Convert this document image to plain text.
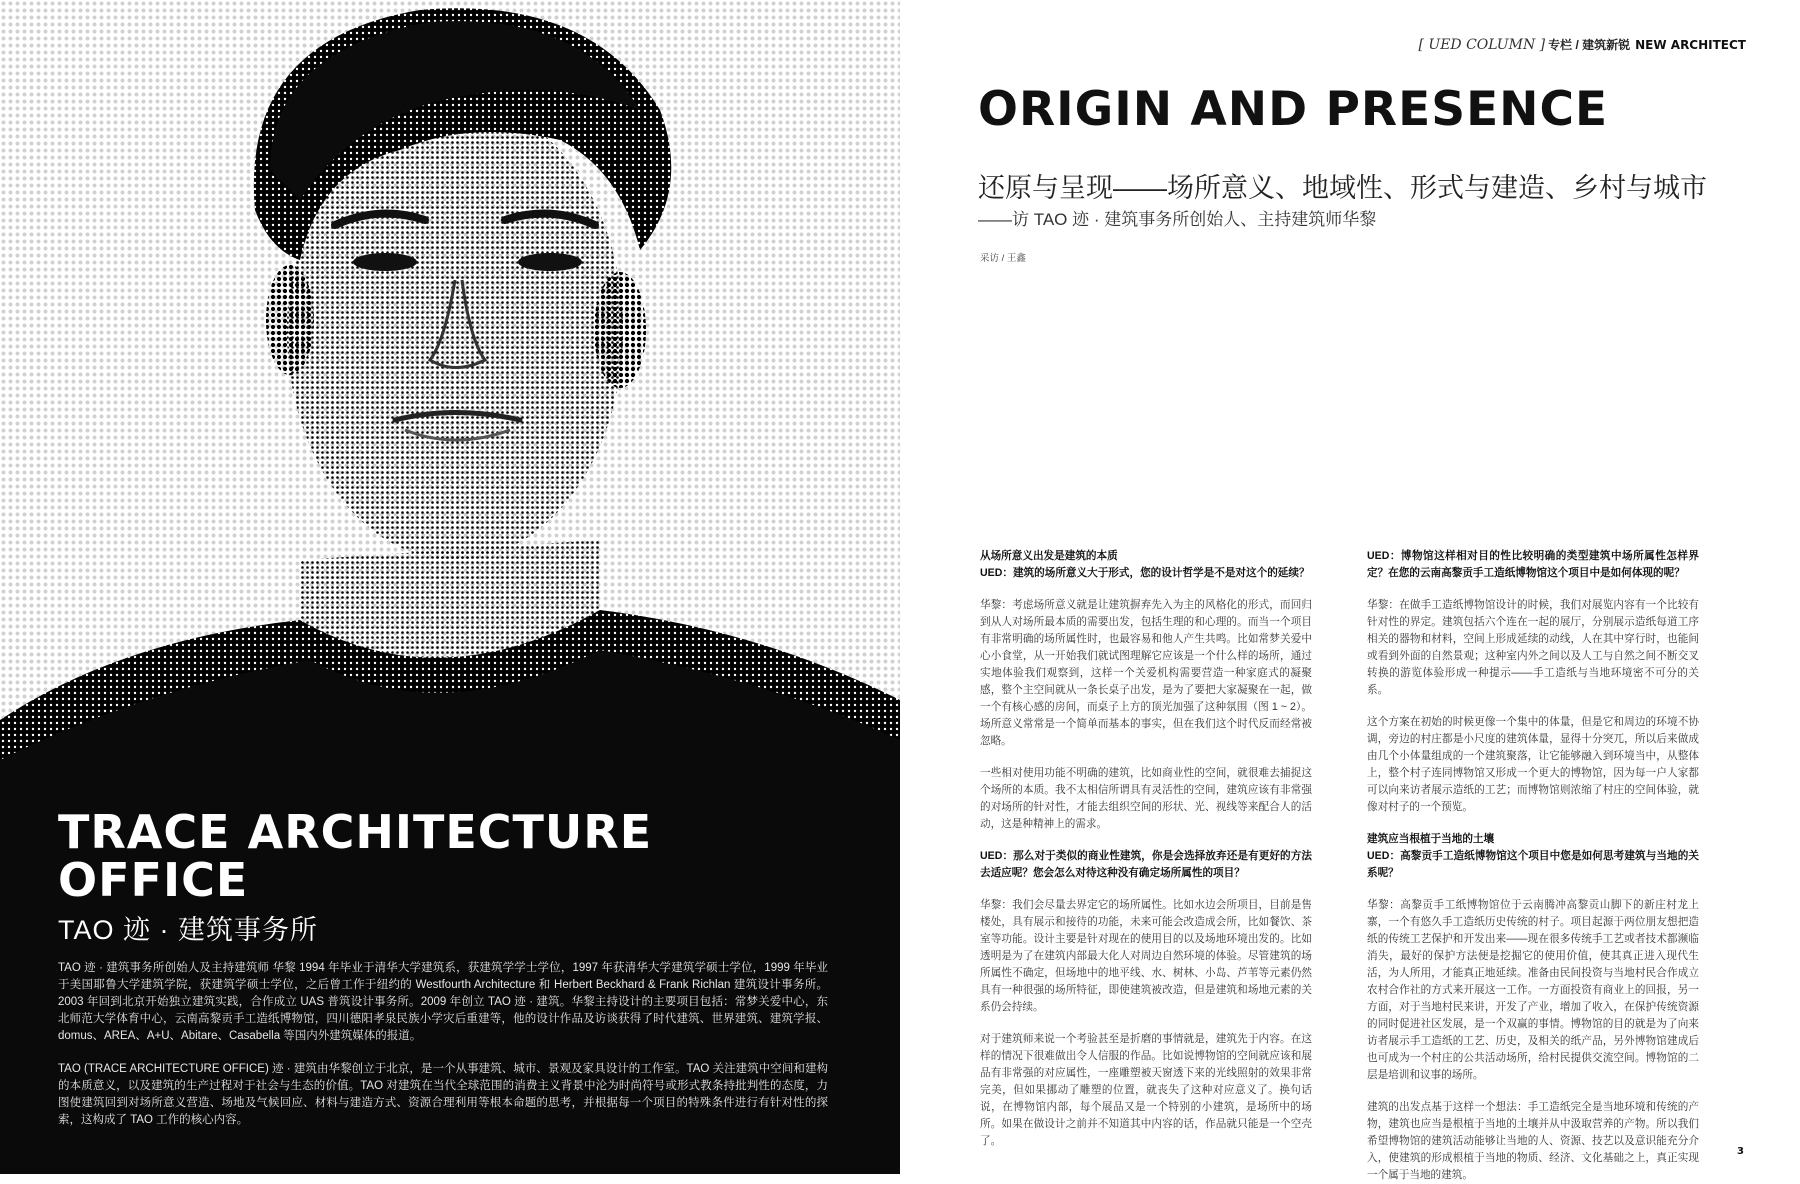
TRACE ARCHITECTURE
OFFICE
TAO 迹 · 建筑事务所

TAO 迹 · 建筑事务所创始人及主持建筑师 华黎 1994 年毕业于清华大学建筑系，获建筑学学士学位，1997 年获清华大学建筑学硕士学位，1999 年毕业于美国耶鲁大学建筑学院，获建筑学硕士学位，之后曾工作于纽约的 Westfourth Architecture 和 Herbert Beckhard & Frank Richlan 建筑设计事务所。2003 年回到北京开始独立建筑实践，合作成立 UAS 普筑设计事务所。2009 年创立 TAO 迹 · 建筑。华黎主持设计的主要项目包括：常梦关爱中心，东北师范大学体育中心，云南高黎贡手工造纸博物馆，四川德阳孝泉民族小学灾后重建等，他的设计作品及访谈获得了时代建筑、世界建筑、建筑学报、domus、AREA、A+U、Abitare、Casabella 等国内外建筑媒体的报道。

TAO (TRACE ARCHITECTURE OFFICE) 迹 · 建筑由华黎创立于北京，是一个从事建筑、城市、景观及家具设计的工作室。TAO 关注建筑中空间和建构的本质意义，以及建筑的生产过程对于社会与生态的价值。TAO 对建筑在当代全球范围的消费主义背景中沦为时尚符号或形式教条持批判性的态度，力图使建筑回到对场所意义营造、场地及气候回应、材料与建造方式、资源合理利用等根本命题的思考，并根据每一个项目的特殊条件进行有针对性的探索，这构成了 TAO 工作的核心内容。

[ UED COLUMN ] 专栏 / 建筑新锐 NEW ARCHITECT
ORIGIN AND PRESENCE
还原与呈现——场所意义、地域性、形式与建造、乡村与城市
——访 TAO 迹 · 建筑事务所创始人、主持建筑师华黎
采访 / 王鑫
从场所意义出发是建筑的本质
UED：建筑的场所意义大于形式，您的设计哲学是不是对这个的延续？

华黎：考虑场所意义就是让建筑摒弃先入为主的风格化的形式，而回归到从人对场所最本质的需要出发，包括生理的和心理的。而当一个项目有非常明确的场所属性时，也最容易和他人产生共鸣。比如常梦关爱中心小食堂，从一开始我们就试图理解它应该是一个什么样的场所，通过实地体验我们观察到，这样一个关爱机构需要营造一种家庭式的凝聚感，整个主空间就从一条长桌子出发，是为了要把大家凝聚在一起，做一个有核心感的房间，而桌子上方的顶光加强了这种氛围（图 1 ~ 2）。场所意义常常是一个简单而基本的事实，但在我们这个时代反而经常被忽略。

一些相对使用功能不明确的建筑，比如商业性的空间，就很难去捕捉这个场所的本质。我不太相信所谓具有灵活性的空间，建筑应该有非常强的对场所的针对性，才能去组织空间的形状、光、视线等来配合人的活动，这是种精神上的需求。

UED：那么对于类似的商业性建筑，你是会选择放弃还是有更好的方法去适应呢？您会怎么对待这种没有确定场所属性的项目？

华黎：我们会尽量去界定它的场所属性。比如水边会所项目，目前是售楼处，具有展示和接待的功能，未来可能会改造成会所，比如餐饮、茶室等功能。设计主要是针对现在的使用目的以及场地环境出发的。比如透明是为了在建筑内部最大化人对周边自然环境的体验。尽管建筑的场所属性不确定，但场地中的地平线、水、树林、小岛、芦苇等元素仍然具有一种很强的场所特征，即使建筑被改造，但是建筑和场地元素的关系仍会持续。

对于建筑师来说一个考验甚至是折磨的事情就是，建筑先于内容。在这样的情况下很难做出令人信服的作品。比如说博物馆的空间就应该和展品有非常强的对应属性，一座雕塑被天窗透下来的光线照射的效果非常完美，但如果挪动了雕塑的位置，就丧失了这种对应意义了。换句话说，在博物馆内部，每个展品又是一个特别的小建筑，是场所中的场所。如果在做设计之前并不知道其中内容的话，作品就只能是一个空壳了。

UED：博物馆这样相对目的性比较明确的类型建筑中场所属性怎样界定？在您的云南高黎贡手工造纸博物馆这个项目中是如何体现的呢？

华黎：在做手工造纸博物馆设计的时候，我们对展览内容有一个比较有针对性的界定。建筑包括六个连在一起的展厅，分别展示造纸每道工序相关的器物和材料，空间上形成延续的动线，人在其中穿行时，也能间或看到外面的自然景观；这种室内外之间以及人工与自然之间不断交叉转换的游览体验形成一种提示——手工造纸与当地环境密不可分的关系。

这个方案在初始的时候更像一个集中的体量，但是它和周边的环境不协调，旁边的村庄都是小尺度的建筑体量，显得十分突兀，所以后来做成由几个小体量组成的一个建筑聚落，让它能够融入到环境当中，从整体上，整个村子连同博物馆又形成一个更大的博物馆，因为每一户人家都可以向来访者展示造纸的工艺；而博物馆则浓缩了村庄的空间体验，就像对村子的一个预览。

建筑应当根植于当地的土壤
UED：高黎贡手工造纸博物馆这个项目中您是如何思考建筑与当地的关系呢？

华黎：高黎贡手工纸博物馆位于云南腾冲高黎贡山脚下的新庄村龙上寨，一个有悠久手工造纸历史传统的村子。项目起源于两位朋友想把造纸的传统工艺保护和开发出来——现在很多传统手工艺或者技术都濒临消失，最好的保护方法便是挖掘它的使用价值，使其真正进入现代生活，为人所用，才能真正地延续。准备由民间投资与当地村民合作成立农村合作社的方式来开展这一工作。一方面投资有商业上的回报，另一方面，对于当地村民来讲，开发了产业，增加了收入，在保护传统资源的同时促进社区发展，是一个双赢的事情。博物馆的目的就是为了向来访者展示手工造纸的工艺、历史，及相关的纸产品，另外博物馆建成后也可成为一个村庄的公共活动场所，给村民提供交流空间。博物馆的二层是培训和议事的场所。

建筑的出发点基于这样一个想法：手工造纸完全是当地环境和传统的产物，建筑也应当是根植于当地的土壤并从中汲取营养的产物。所以我们希望博物馆的建筑活动能够让当地的人、资源、技艺以及意识能充分介入，使建筑的形成根植于当地的物质、经济、文化基础之上，真正实现一个属于当地的建筑。

3
